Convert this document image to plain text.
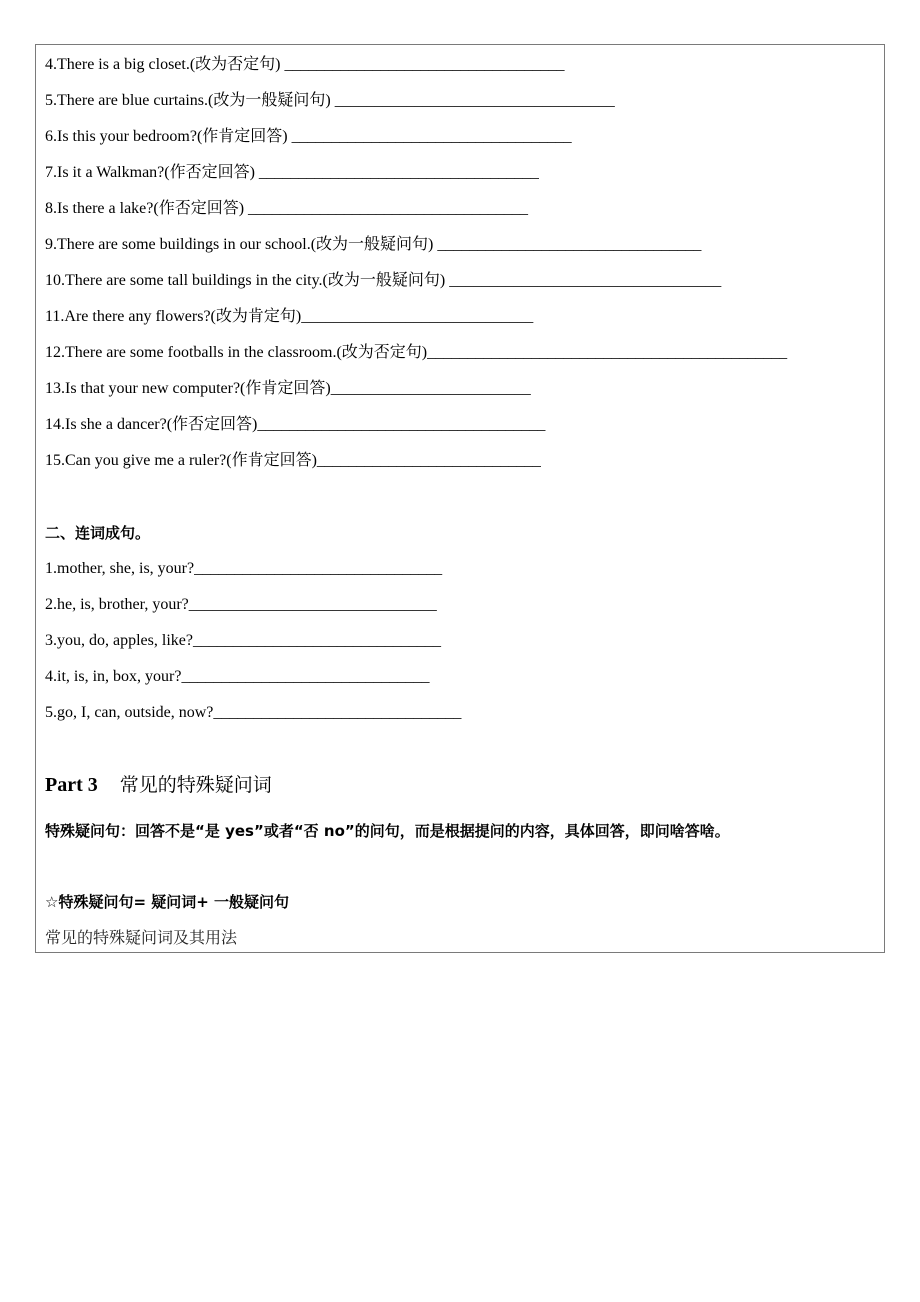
4.There is a big closet.(改为否定句) ___________________________________
5.There are blue curtains.(改为一般疑问句) ___________________________________
6.Is this your bedroom?(作肯定回答) ___________________________________
7.Is it a Walkman?(作否定回答) ___________________________________
8.Is there a lake?(作否定回答) ___________________________________
9.There are some buildings in our school.(改为一般疑问句) _________________________________
10.There are some tall buildings in the city.(改为一般疑问句) __________________________________
11.Are there any flowers?(改为肯定句)_____________________________
12.There are some footballs in the classroom.(改为否定句)_____________________________________________
13.Is that your new computer?(作肯定回答)_________________________
14.Is she a dancer?(作否定回答)____________________________________
15.Can you give me a ruler?(作肯定回答)____________________________
二、连词成句。
1.mother, she, is, your?_______________________________
2.he, is, brother, your?_______________________________
3.you, do, apples, like?_______________________________
4.it, is, in, box, your?_______________________________
5.go, I, can, outside, now?_______________________________
Part 3 常见的特殊疑问词
特殊疑问句：回答不是“是 yes”或者“否 no”的问句，而是根据提问的内容，具体回答，即问啥答啥。
☆特殊疑问句= 疑问词+ 一般疑问句
常见的特殊疑问词及其用法
